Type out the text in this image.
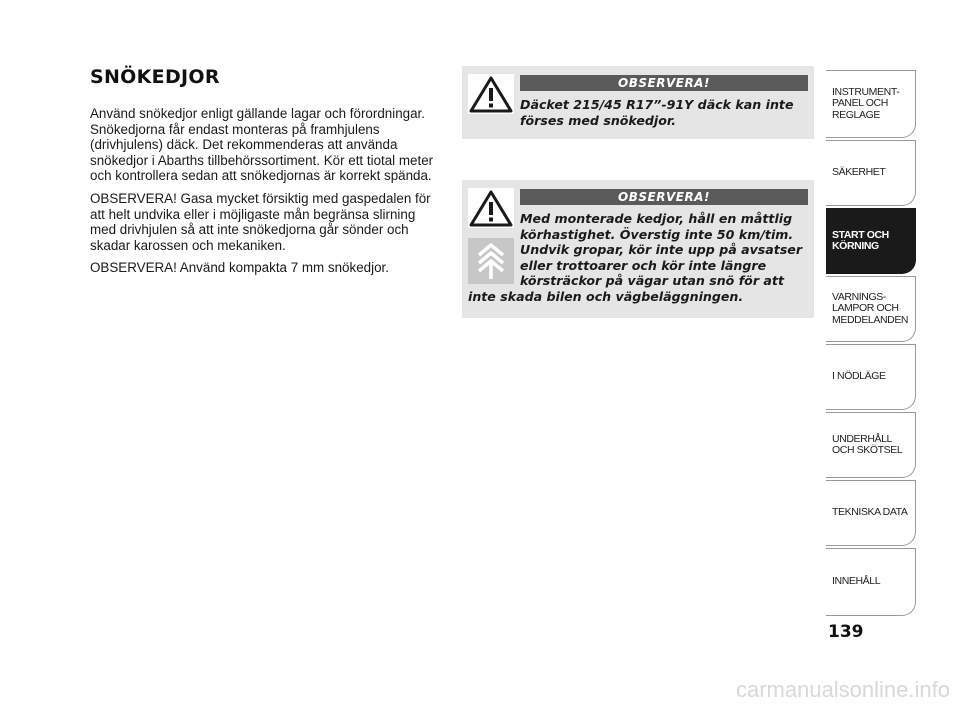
SNÖKEDJOR

Använd snökedjor enligt gällande lagar och förordningar. Snökedjorna får endast monteras på framhjulens (drivhjulens) däck. Det rekommenderas att använda snökedjor i Abarths tillbehörssortiment. Kör ett tiotal meter och kontrollera sedan att snökedjornas är korrekt spända.

OBSERVERA! Gasa mycket försiktig med gaspedalen för att helt undvika eller i möjligaste mån begränsa slirning med drivhjulen så att inte snökedjorna går sönder och skadar karossen och mekaniken.

OBSERVERA! Använd kompakta 7 mm snökedjor.

OBSERVERA!
Däcket 215/45 R17”-91Y däck kan inte förses med snökedjor.
OBSERVERA!
Med monterade kedjor, håll en måttlig körhastighet. Överstig inte 50 km/tim. Undvik gropar, kör inte upp på avsatser eller trottoarer och kör inte längre körsträckor på vägar utan snö för att
inte skada bilen och vägbeläggningen.
INSTRUMENT-
PANEL OCH
REGLAGE
SÄKERHET
START OCH
KÖRNING
VARNINGS-
LAMPOR OCH
MEDDELANDEN
I NÖDLÄGE
UNDERHÅLL
OCH SKÖTSEL
TEKNISKA DATA
INNEHÅLL
139
carmanualsonline.info
